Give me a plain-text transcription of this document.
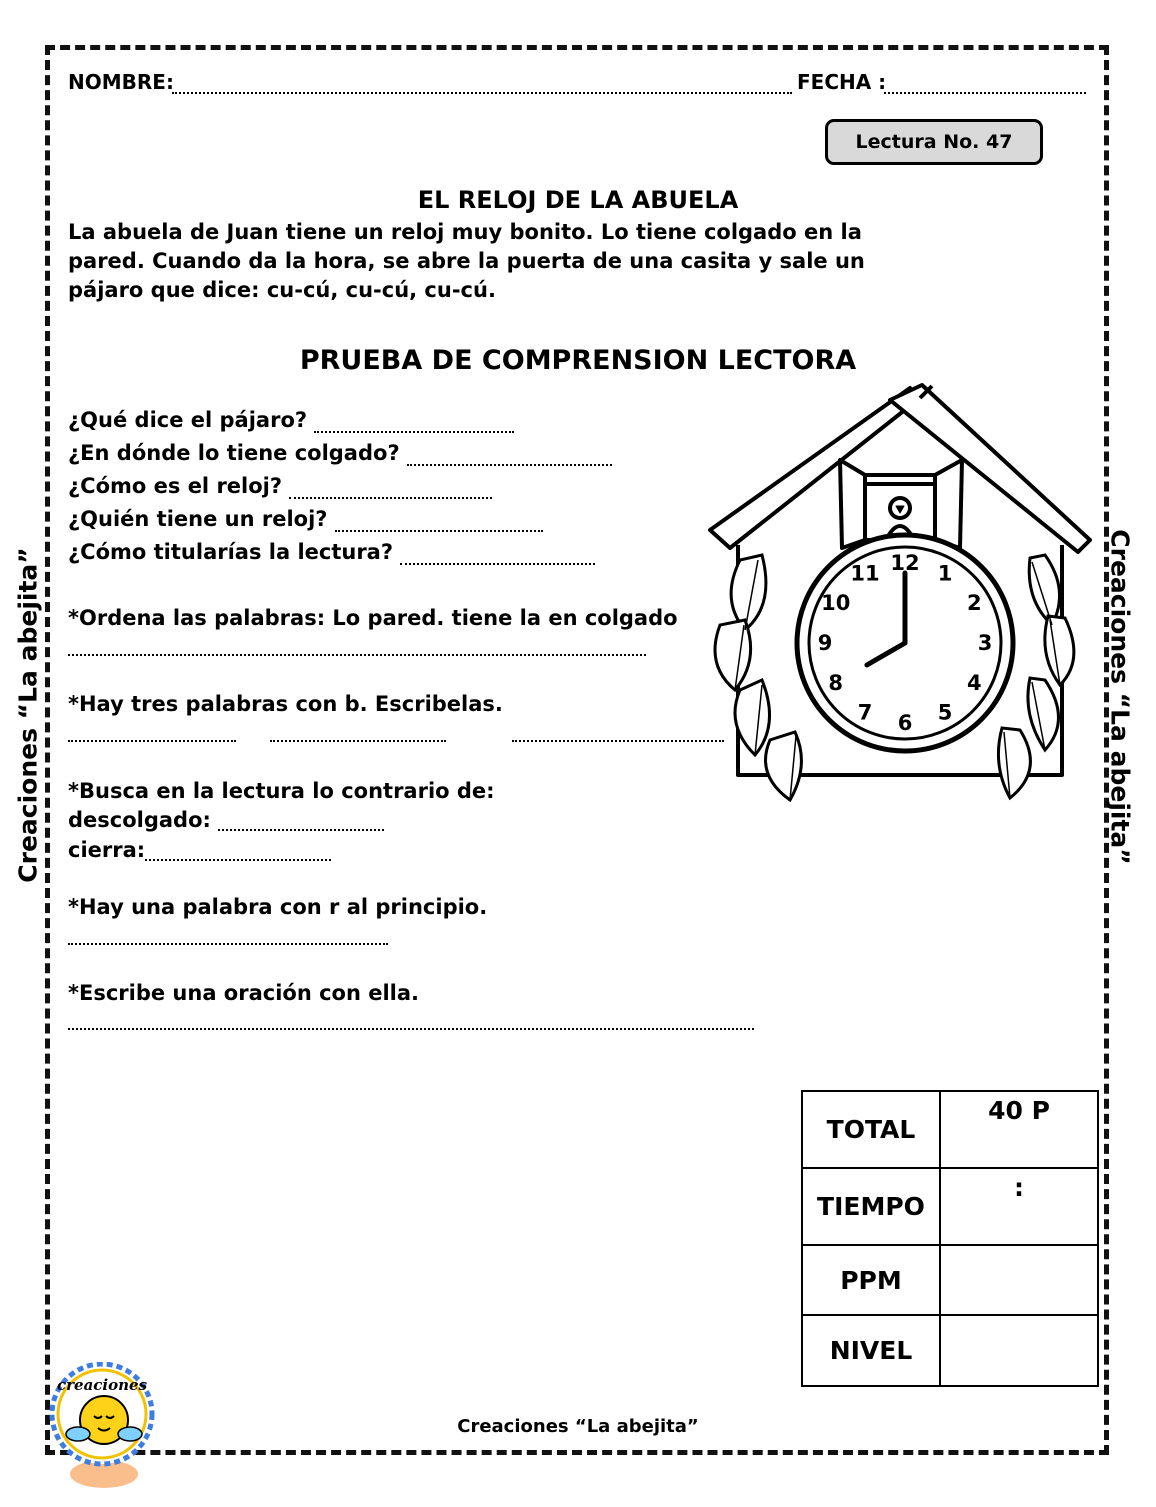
NOMBRE:	FECHA :
Lectura No. 47
EL RELOJ DE LA ABUELA
La abuela de Juan tiene un reloj muy bonito. Lo tiene colgado en la
pared. Cuando da la hora, se abre la puerta de una casita y sale un
pájaro que dice: cu-cú, cu-cú, cu-cú.
PRUEBA DE COMPRENSION LECTORA
¿Qué dice el pájaro?
¿En dónde lo tiene colgado?
¿Cómo es el reloj?
¿Quién tiene un reloj?
¿Cómo titularías la lectura?
*Ordena las palabras: Lo pared. tiene la en colgado
*Hay tres palabras con b. Escribelas.
*Busca en la lectura lo contrario de:
descolgado:
cierra:
*Hay una palabra con r al principio.
*Escribe una oración con ella.
12 1
2
3
4
5
6
7
8
9
10
11
TOTAL	40 P
TIEMPO	:
PPM	
NIVEL	
Creaciones “La abejita”	Creaciones “La abejita”
creaciones
Creaciones “La abejita”
